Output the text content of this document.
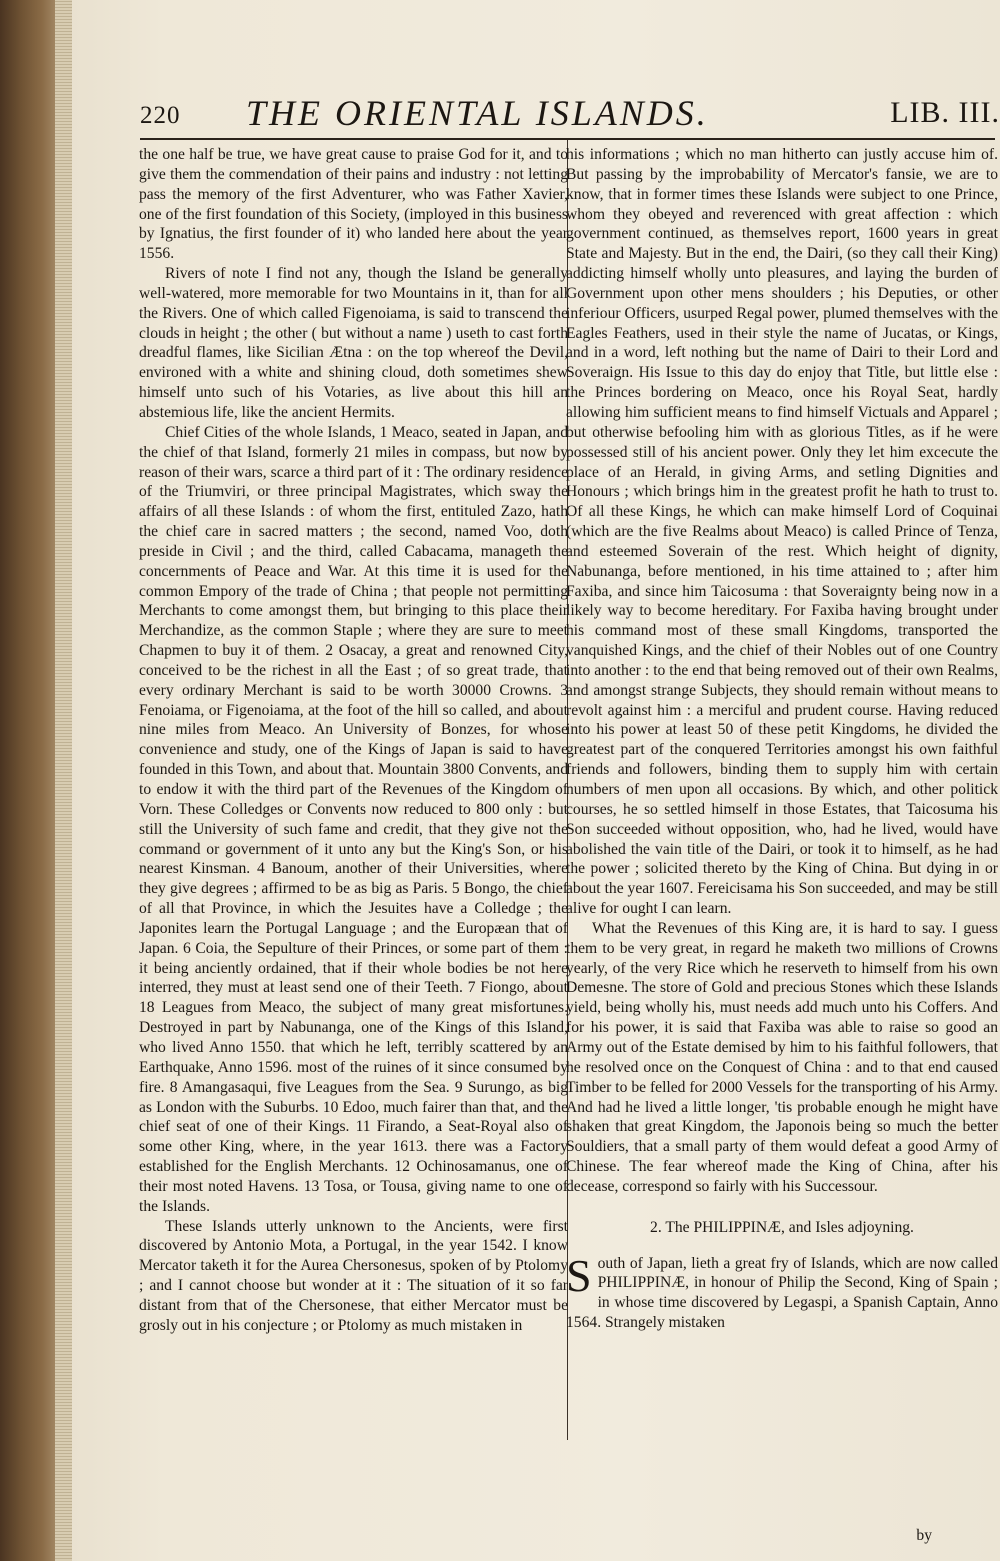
220 THE ORIENTAL ISLANDS.	LIB. III.

the one half be true, we have great cause to praise God for it, and to give them the commendation of their pains and industry : not letting pass the memory of the first Adventurer, who was Father Xavier, one of the first foundation of this Society, (imployed in this business by Ignatius, the first founder of it) who landed here about the year 1556.

Rivers of note I find not any, though the Island be generally well-watered, more memorable for two Mountains in it, than for all the Rivers. One of which called Figenoiama, is said to transcend the clouds in height ; the other ( but without a name ) useth to cast forth dreadful flames, like Sicilian Ætna : on the top whereof the Devil, environed with a white and shining cloud, doth sometimes shew himself unto such of his Votaries, as live about this hill an abstemious life, like the ancient Hermits.

Chief Cities of the whole Islands, 1 Meaco, seated in Japan, and the chief of that Island, formerly 21 miles in compass, but now by reason of their wars, scarce a third part of it : The ordinary residence of the Triumviri, or three principal Magistrates, which sway the affairs of all these Islands : of whom the first, entituled Zazo, hath the chief care in sacred matters ; the second, named Voo, doth preside in Civil ; and the third, called Cabacama, manageth the concernments of Peace and War. At this time it is used for the common Empory of the trade of China ; that people not permitting Merchants to come amongst them, but bringing to this place their Merchandize, as the common Staple ; where they are sure to meet Chapmen to buy it of them. 2 Osacay, a great and renowned City, conceived to be the richest in all the East ; of so great trade, that every ordinary Merchant is said to be worth 30000 Crowns. 3 Fenoiama, or Figenoiama, at the foot of the hill so called, and about nine miles from Meaco. An University of Bonzes, for whose convenience and study, one of the Kings of Japan is said to have founded in this Town, and about that. Mountain 3800 Convents, and to endow it with the third part of the Revenues of the Kingdom of Vorn. These Colledges or Convents now reduced to 800 only : but still the University of such fame and credit, that they give not the command or government of it unto any but the King's Son, or his nearest Kinsman. 4 Banoum, another of their Universities, where they give degrees ; affirmed to be as big as Paris. 5 Bongo, the chief of all that Province, in which the Jesuites have a Colledge ; the Japonites learn the Portugal Language ; and the Europæan that of Japan. 6 Coia, the Sepulture of their Princes, or some part of them : it being anciently ordained, that if their whole bodies be not here interred, they must at least send one of their Teeth. 7 Fiongo, about 18 Leagues from Meaco, the subject of many great misfortunes. Destroyed in part by Nabunanga, one of the Kings of this Island, who lived Anno 1550. that which he left, terribly scattered by an Earthquake, Anno 1596. most of the ruines of it since consumed by fire. 8 Amangasaqui, five Leagues from the Sea. 9 Surungo, as big as London with the Suburbs. 10 Edoo, much fairer than that, and the chief seat of one of their Kings. 11 Firando, a Seat-Royal also of some other King, where, in the year 1613. there was a Factory established for the English Merchants. 12 Ochinosamanus, one of their most noted Havens. 13 Tosa, or Tousa, giving name to one of the Islands.

These Islands utterly unknown to the Ancients, were first discovered by Antonio Mota, a Portugal, in the year 1542. I know Mercator taketh it for the Aurea Chersonesus, spoken of by Ptolomy ; and I cannot choose but wonder at it : The situation of it so far distant from that of the Chersonese, that either Mercator must be grosly out in his conjecture ; or Ptolomy as much mistaken in

his informations ; which no man hitherto can justly accuse him of. But passing by the improbability of Mercator's fansie, we are to know, that in former times these Islands were subject to one Prince, whom they obeyed and reverenced with great affection : which government continued, as themselves report, 1600 years in great State and Majesty. But in the end, the Dairi, (so they call their King) addicting himself wholly unto pleasures, and laying the burden of Government upon other mens shoulders ; his Deputies, or other inferiour Officers, usurped Regal power, plumed themselves with the Eagles Feathers, used in their style the name of Jucatas, or Kings, and in a word, left nothing but the name of Dairi to their Lord and Soveraign. His Issue to this day do enjoy that Title, but little else : the Princes bordering on Meaco, once his Royal Seat, hardly allowing him sufficient means to find himself Victuals and Apparel ; but otherwise befooling him with as glorious Titles, as if he were possessed still of his ancient power. Only they let him excecute the place of an Herald, in giving Arms, and setling Dignities and Honours ; which brings him in the greatest profit he hath to trust to. Of all these Kings, he which can make himself Lord of Coquinai (which are the five Realms about Meaco) is called Prince of Tenza, and esteemed Soverain of the rest. Which height of dignity, Nabunanga, before mentioned, in his time attained to ; after him Faxiba, and since him Taicosuma : that Soveraignty being now in a likely way to become hereditary. For Faxiba having brought under his command most of these small Kingdoms, transported the vanquished Kings, and the chief of their Nobles out of one Country into another : to the end that being removed out of their own Realms, and amongst strange Subjects, they should remain without means to revolt against him : a merciful and prudent course. Having reduced into his power at least 50 of these petit Kingdoms, he divided the greatest part of the conquered Territories amongst his own faithful friends and followers, binding them to supply him with certain numbers of men upon all occasions. By which, and other politick courses, he so settled himself in those Estates, that Taicosuma his Son succeeded without opposition, who, had he lived, would have abolished the vain title of the Dairi, or took it to himself, as he had the power ; solicited thereto by the King of China. But dying in or about the year 1607. Fereicisama his Son succeeded, and may be still alive for ought I can learn.

What the Revenues of this King are, it is hard to say. I guess them to be very great, in regard he maketh two millions of Crowns yearly, of the very Rice which he reserveth to himself from his own Demesne. The store of Gold and precious Stones which these Islands yield, being wholly his, must needs add much unto his Coffers. And for his power, it is said that Faxiba was able to raise so good an Army out of the Estate demised by him to his faithful followers, that he resolved once on the Conquest of China : and to that end caused Timber to be felled for 2000 Vessels for the transporting of his Army. And had he lived a little longer, 'tis probable enough he might have shaken that great Kingdom, the Japonois being so much the better Souldiers, that a small party of them would defeat a good Army of Chinese. The fear whereof made the King of China, after his decease, correspond so fairly with his Successour.

2. The PHILIPPINÆ, and Isles adjoyning.

South of Japan, lieth a great fry of Islands, which are now called PHILIPPINÆ, in honour of Philip the Second, King of Spain ; in whose time discovered by Legaspi, a Spanish Captain, Anno 1564. Strangely mistaken

by
